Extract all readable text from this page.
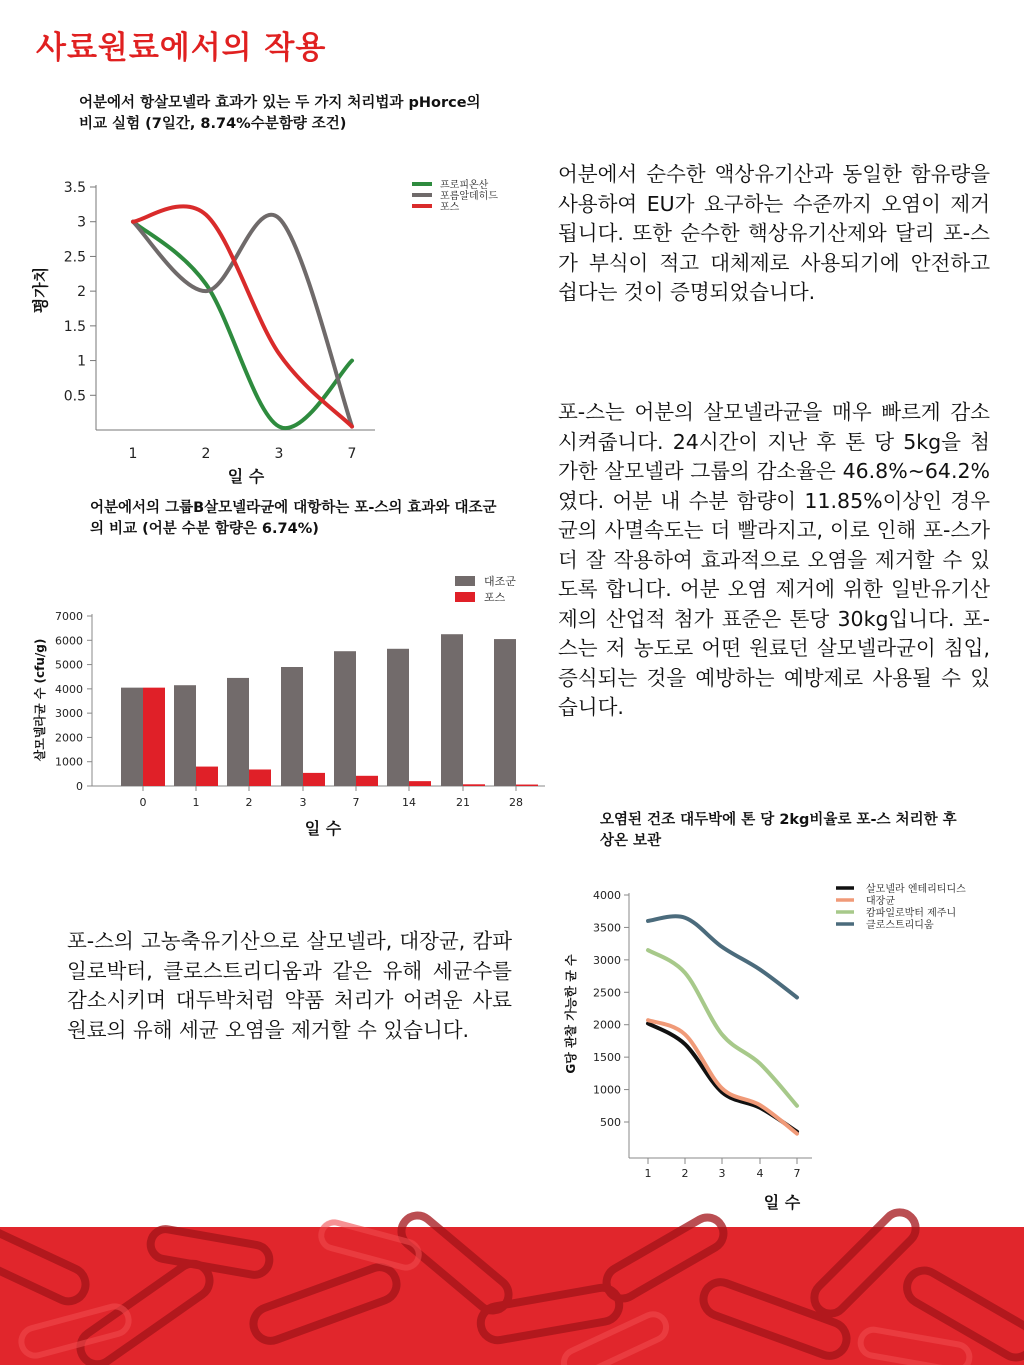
사료원료에서의 작용
어분에서 항살모넬라 효과가 있는 두 가지 처리법과 pHorce의 비교 실험 (7일간, 8.74%수분함량 조건)
3.5
3
2.5
2
1.5
1
0.5
1	2	3	7
일 수
평가치
프로피온산
포름알데히드
포스
어분에서의 그룹B살모넬라균에 대항하는 포-스의 효과와 대조군의 비교 (어분 수분 함량은 6.74%)
7000
6000
5000
4000
3000
2000
1000
0
0	1	2	3	7	14	21	28
대조군
포스
일 수
살모넬라균 수 (cfu/g)
어분에서 순수한 액상유기산과 동일한 함유량을 사용하여 EU가 요구하는 수준까지 오염이 제거 됩니다. 또한 순수한 핵상유기산제와 달리 포-스가 부식이 적고 대체제로 사용되기에 안전하고 쉽다는 것이 증명되었습니다.
포-스는 어분의 살모넬라균을 매우 빠르게 감소시켜줍니다. 24시간이 지난 후 톤 당 5kg을 첨가한 살모넬라 그룹의 감소율은 46.8%~64.2%였다. 어분 내 수분 함량이 11.85%이상인 경우 균의 사멸속도는 더 빨라지고, 이로 인해 포-스가 더 잘 작용하여 효과적으로 오염을 제거할 수 있도록 합니다. 어분 오염 제거에 위한 일반유기산제의 산업적 첨가 표준은 톤당 30kg입니다. 포-스는 저 농도로 어떤 원료던 살모넬라균이 침입, 증식되는 것을 예방하는 예방제로 사용될 수 있습니다.
포-스의 고농축유기산으로 살모넬라, 대장균, 캄파일로박터, 클로스트리디움과 같은 유해 세균수를 감소시키며 대두박처럼 약품 처리가 어려운 사료원료의 유해 세균 오염을 제거할 수 있습니다.
오염된 건조 대두박에 톤 당 2kg비율로 포-스 처리한 후 상온 보관
4000
3500
3000
2500
2000
1500
1000
500
1	2	3	4	7
살모넬라 엔테리티디스
대장균
캄파일로박터 제주니
클로스트리디움
일 수
G당 관찰 가능한 균 수
